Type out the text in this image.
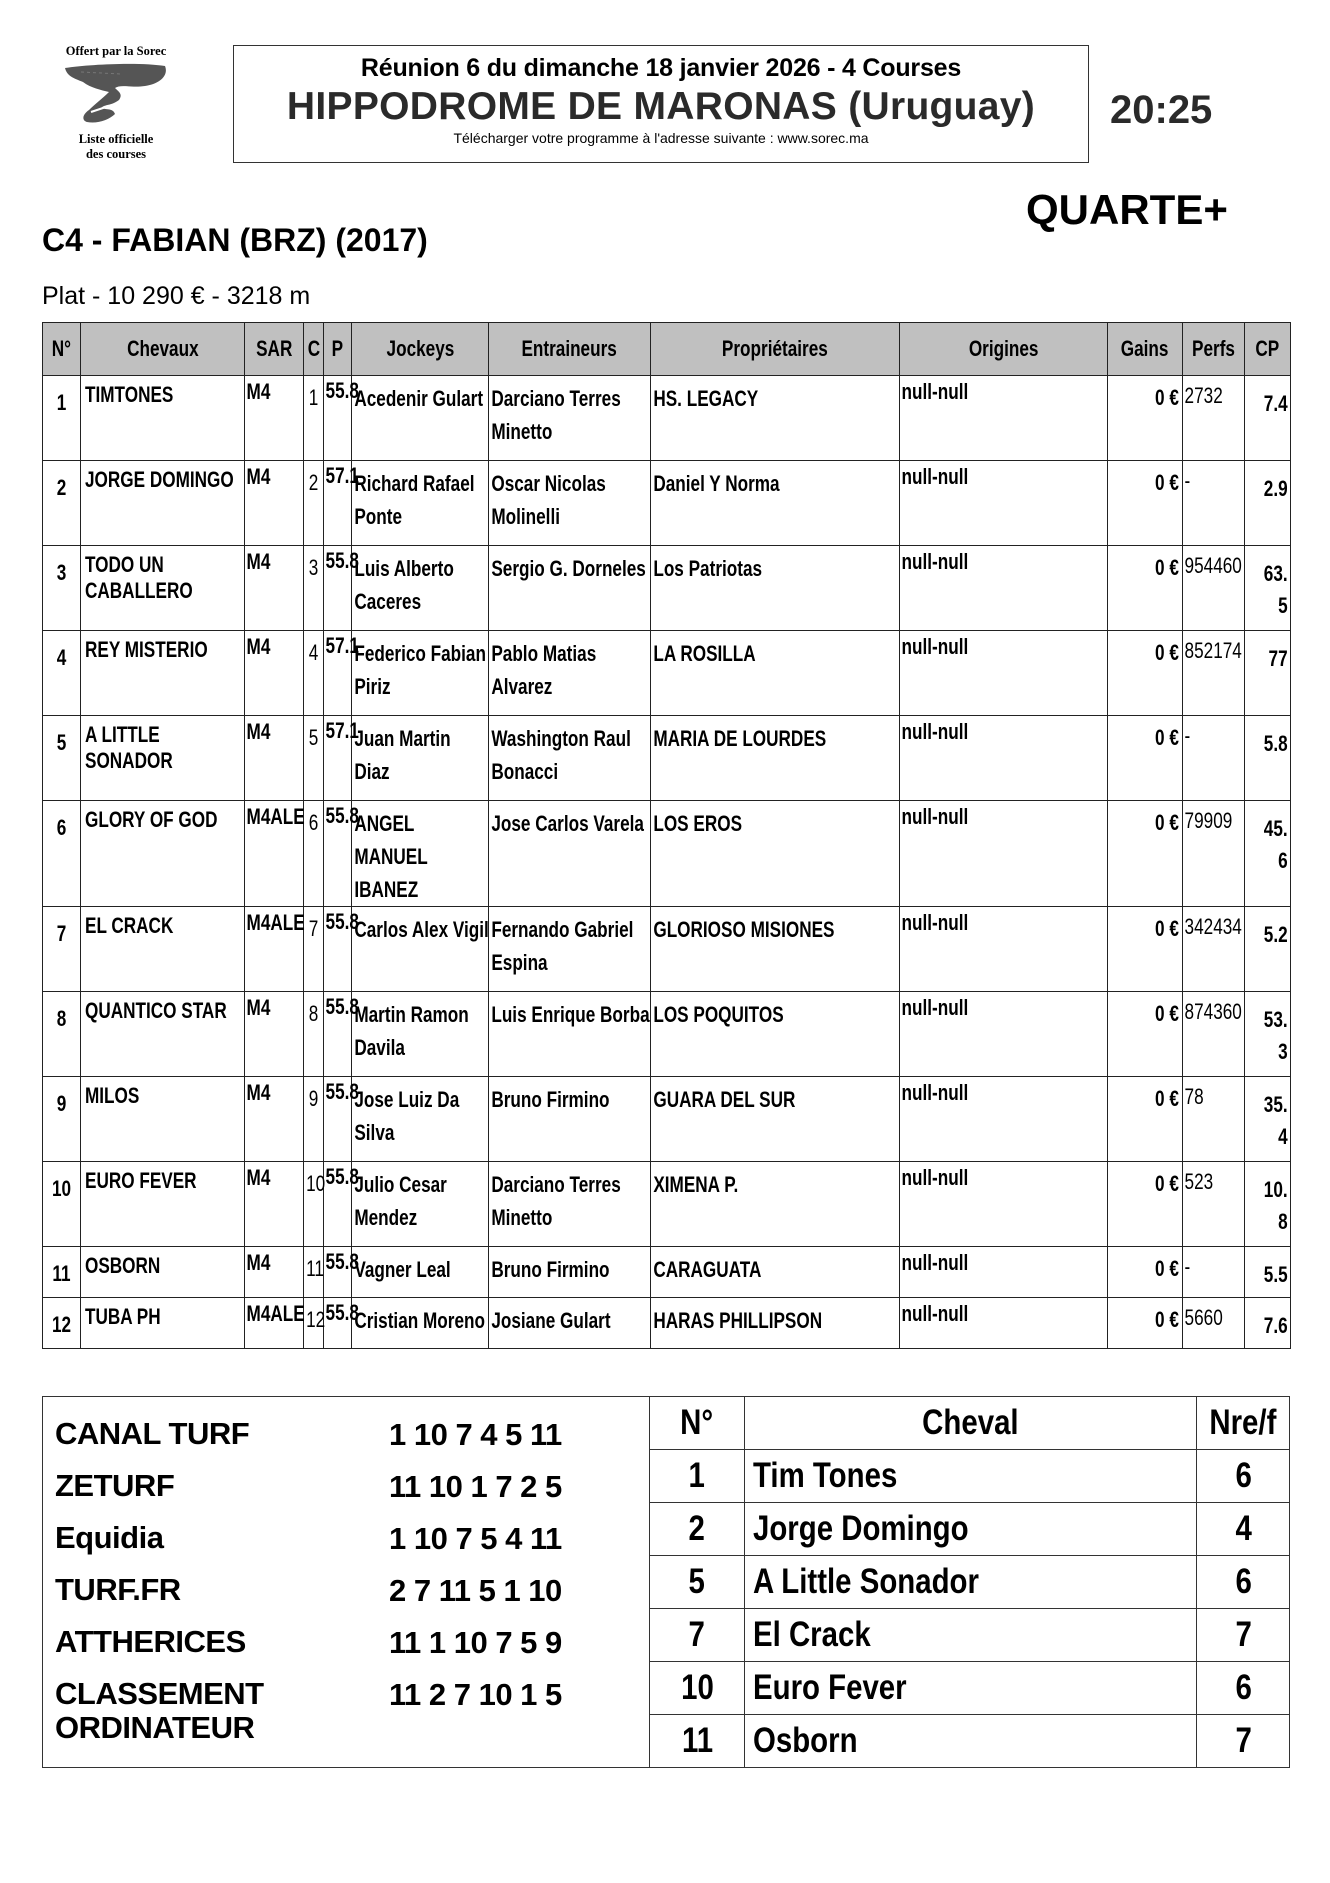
Offert par la Sorec
Liste officielle
des courses
Réunion 6 du dimanche 18 janvier 2026 - 4 Courses
HIPPODROME DE MARONAS (Uruguay)
Télécharger votre programme à l'adresse suivante : www.sorec.ma
20:25
QUARTE+
C4 - FABIAN (BRZ) (2017)
Plat - 10 290 € - 3218 m
N°	Chevaux	SAR	C	P	Jockeys	Entraineurs	Propriétaires	Origines	Gains	Perfs	CP

1	TIMTONES	M4	1	55.8	Acedenir Gulart	Darciano Terres Minetto	HS. LEGACY	null-null	0 €	2732	7.4

2	JORGE DOMINGO	M4	2	57.1	Richard Rafael Ponte	Oscar Nicolas Molinelli	Daniel Y Norma	null-null	0 €	-	2.9

3	TODO UN CABALLERO	M4	3	55.8	Luis Alberto Caceres	Sergio G. Dorneles	Los Patriotas	null-null	0 €	954460	63.5

4	REY MISTERIO	M4	4	57.1	Federico Fabian Piriz	Pablo Matias Alvarez	LA ROSILLA	null-null	0 €	852174	77

5	A LITTLE SONADOR	M4	5	57.1	Juan Martin Diaz	Washington Raul Bonacci	MARIA DE LOURDES	null-null	0 €	-	5.8

6	GLORY OF GOD	M4ALE	6	55.8	ANGEL MANUEL IBANEZ	Jose Carlos Varela	LOS EROS	null-null	0 €	79909	45.6

7	EL CRACK	M4ALE	7	55.8	Carlos Alex Vigil	Fernando Gabriel Espina	GLORIOSO MISIONES	null-null	0 €	342434	5.2

8	QUANTICO STAR	M4	8	55.8	Martin Ramon Davila	Luis Enrique Borba	LOS POQUITOS	null-null	0 €	874360	53.3

9	MILOS	M4	9	55.8	Jose Luiz Da Silva	Bruno Firmino	GUARA DEL SUR	null-null	0 €	78	35.4

10	EURO FEVER	M4	10	55.8	Julio Cesar Mendez	Darciano Terres Minetto	XIMENA P.	null-null	0 €	523	10.8

11	OSBORN	M4	11	55.8	Vagner Leal	Bruno Firmino	CARAGUATA	null-null	0 €	-	5.5

12	TUBA PH	M4ALE	12	55.8	Cristian Moreno	Josiane Gulart	HARAS PHILLIPSON	null-null	0 €	5660	7.6
CANAL TURF	1 10 7 4 5 11
ZETURF	11 10 1 7 2 5
Equidia	1 10 7 5 4 11
TURF.FR	2 7 11 5 1 10
ATTHERICES	11 1 10 7 5 9
CLASSEMENT ORDINATEUR
11 2 7 10 1 5
N°	Cheval	Nre/f
1	Tim Tones	6
2	Jorge Domingo	4
5	A Little Sonador	6
7	El Crack	7
10	Euro Fever	6
11	Osborn	7
